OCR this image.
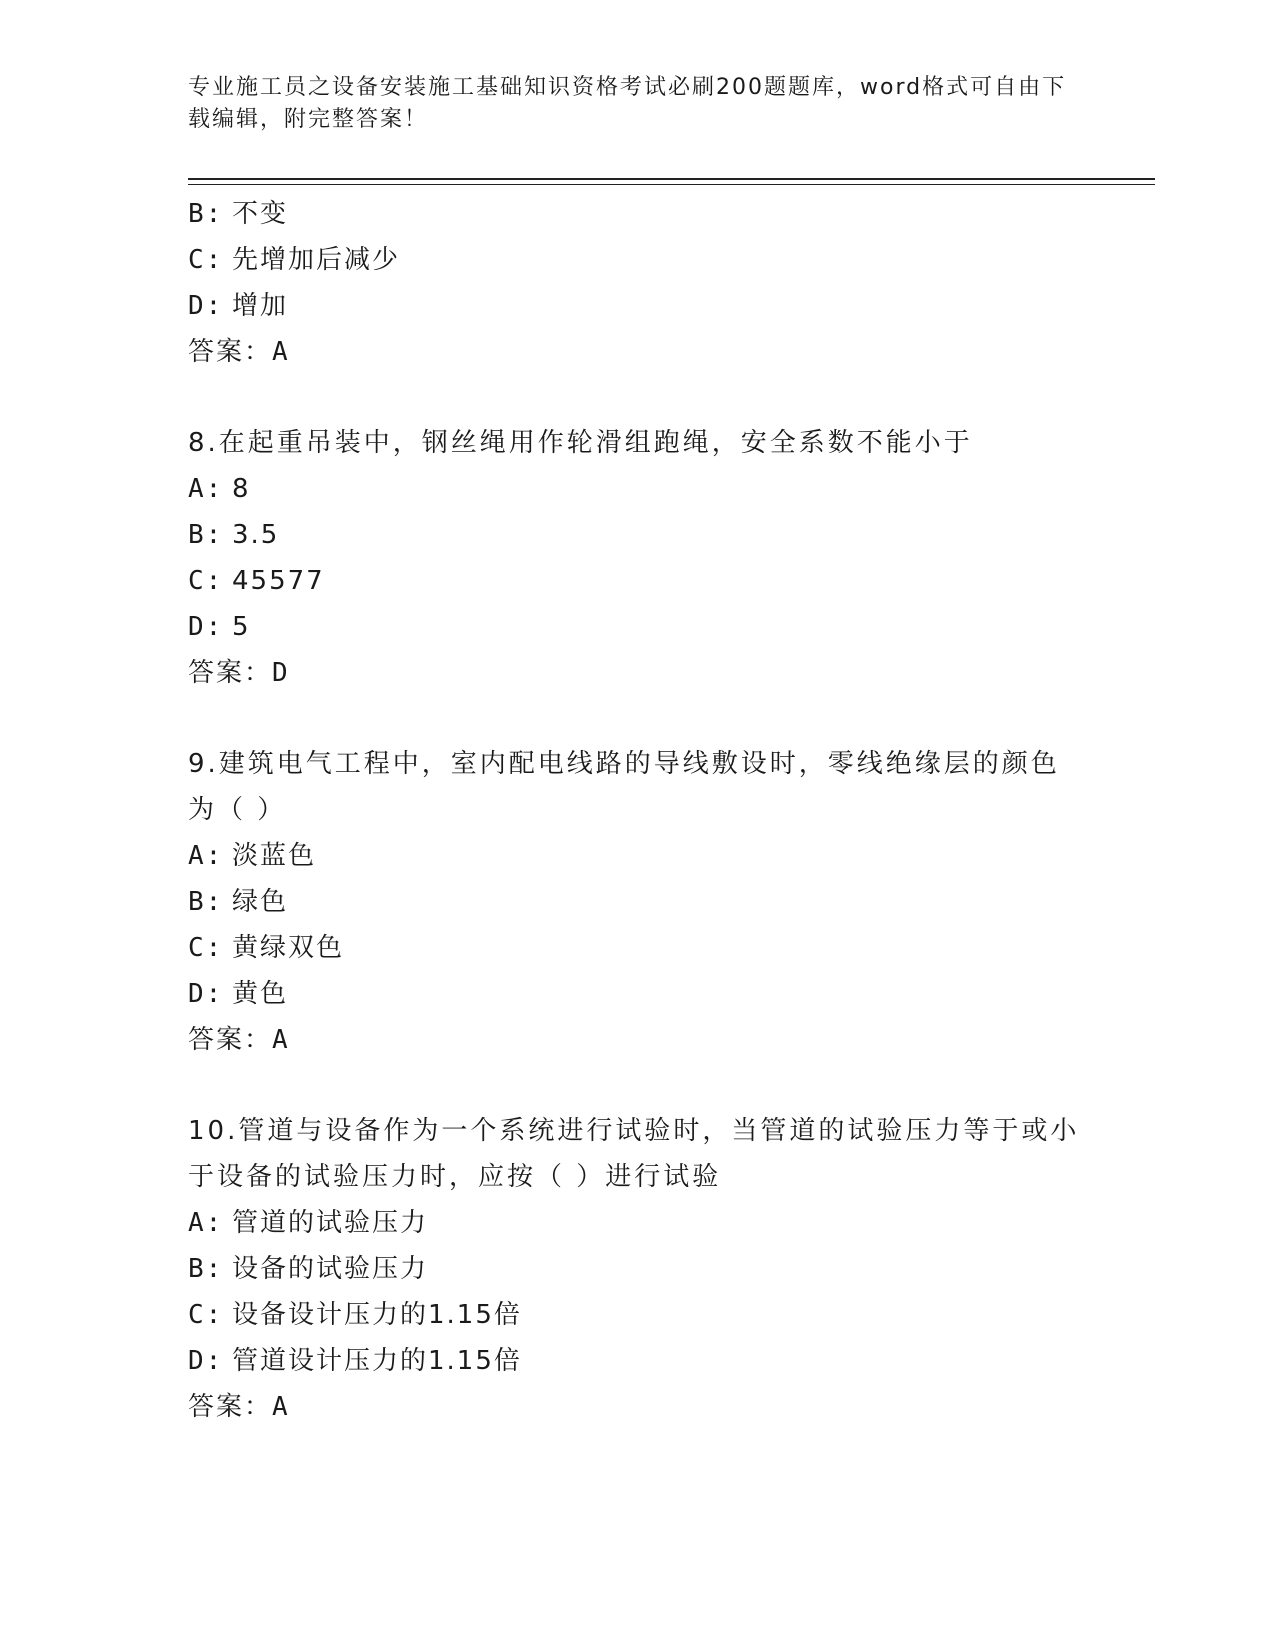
专业施工员之设备安装施工基础知识资格考试必刷200题题库，word格式可自由下载编辑，附完整答案！

B: 不变

C: 先增加后减少

D: 增加

答案：A

8.在起重吊装中，钢丝绳用作轮滑组跑绳，安全系数不能小于

A: 8

B: 3.5

C: 45577

D: 5

答案：D

9.建筑电气工程中，室内配电线路的导线敷设时，零线绝缘层的颜色为（ ）

A: 淡蓝色

B: 绿色

C: 黄绿双色

D: 黄色

答案：A

10.管道与设备作为一个系统进行试验时，当管道的试验压力等于或小于设备的试验压力时，应按（ ）进行试验

A: 管道的试验压力

B: 设备的试验压力

C: 设备设计压力的1.15倍

D: 管道设计压力的1.15倍

答案：A
